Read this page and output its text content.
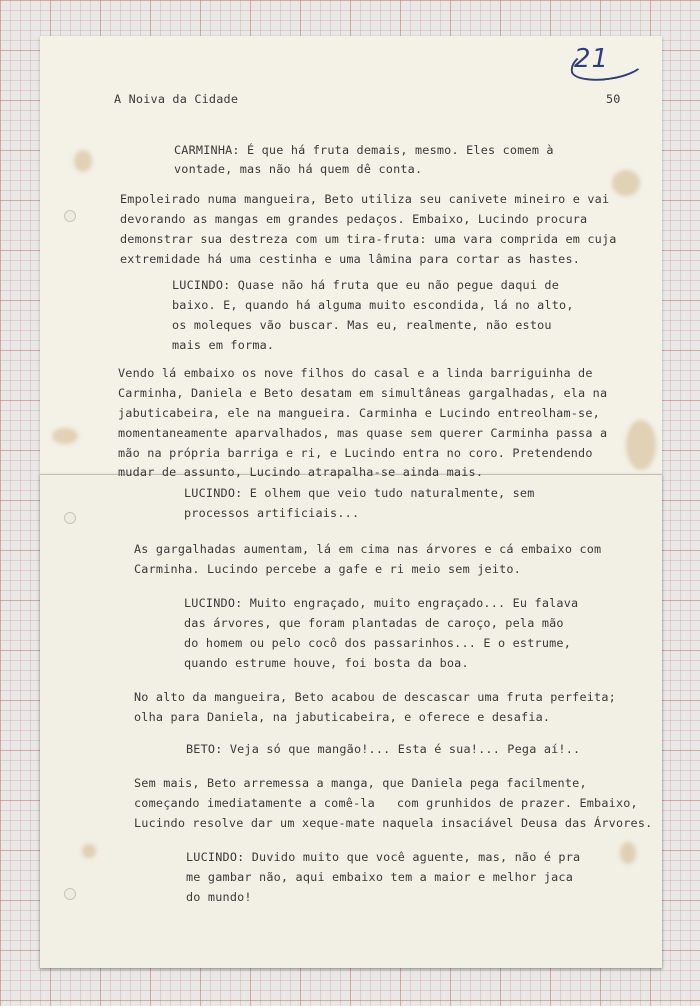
21

A Noiva da Cidade	50

CARMINHA: É que há fruta demais, mesmo. Eles comem à

vontade, mas não há quem dê conta.

Empoleirado numa mangueira, Beto utiliza seu canivete mineiro e vai

devorando as mangas em grandes pedaços. Embaixo, Lucindo procura

demonstrar sua destreza com um tira-fruta: uma vara comprida em cuja

extremidade há uma cestinha e uma lâmina para cortar as hastes.

LUCINDO: Quase não há fruta que eu não pegue daqui de

baixo. E, quando há alguma muito escondida, lá no alto,

os moleques vão buscar. Mas eu, realmente, não estou

mais em forma.

Vendo lá embaixo os nove filhos do casal e a linda barriguinha de

Carminha, Daniela e Beto desatam em simultâneas gargalhadas, ela na

jabuticabeira, ele na mangueira. Carminha e Lucindo entreolham-se,

momentaneamente aparvalhados, mas quase sem querer Carminha passa a

mão na própria barriga e ri, e Lucindo entra no coro. Pretendendo

mudar de assunto, Lucindo atrapalha-se ainda mais.

LUCINDO: E olhem que veio tudo naturalmente, sem

processos artificiais...

As gargalhadas aumentam, lá em cima nas árvores e cá embaixo com

Carminha. Lucindo percebe a gafe e ri meio sem jeito.

LUCINDO: Muito engraçado, muito engraçado... Eu falava

das árvores, que foram plantadas de caroço, pela mão

do homem ou pelo cocô dos passarinhos... E o estrume,

quando estrume houve, foi bosta da boa.

No alto da mangueira, Beto acabou de descascar uma fruta perfeita;

olha para Daniela, na jabuticabeira, e oferece e desafia.

BETO: Veja só que mangão!... Esta é sua!... Pega aí!..

Sem mais, Beto arremessa a manga, que Daniela pega facilmente,

começando imediatamente a comê-la   com grunhidos de prazer. Embaixo,

Lucindo resolve dar um xeque-mate naquela insaciável Deusa das Árvores.

LUCINDO: Duvido muito que você aguente, mas, não é pra

me gambar não, aqui embaixo tem a maior e melhor jaca

do mundo!
